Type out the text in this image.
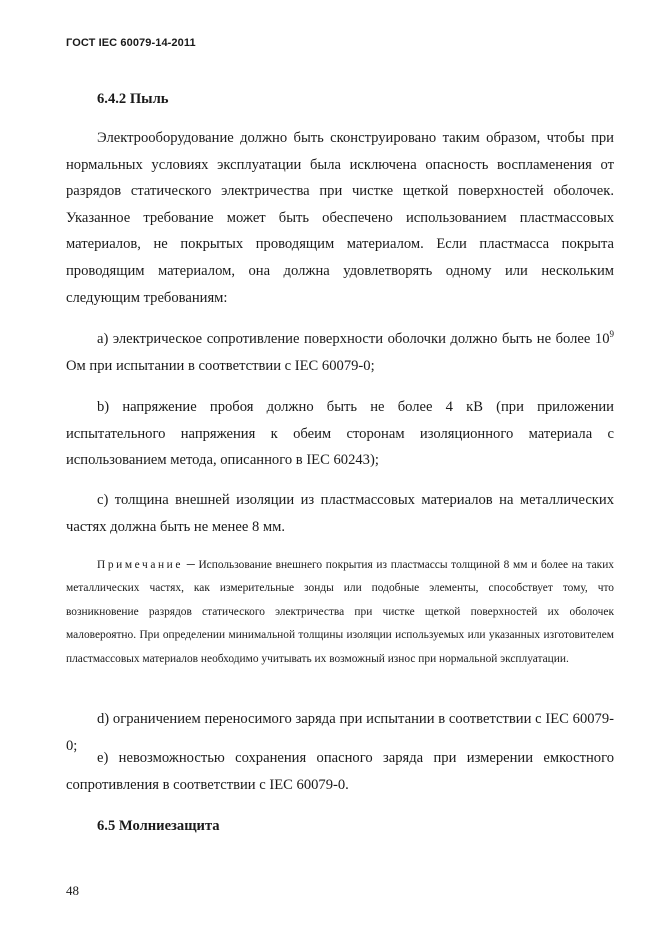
ГОСТ IEC 60079-14-2011
6.4.2 Пыль

Электрооборудование должно быть сконструировано таким образом, чтобы при нормальных условиях эксплуатации была исключена опасность воспламенения от разрядов статического электричества при чистке щеткой поверхностей оболочек. Указанное требование может быть обеспечено использованием пластмассовых материалов, не покрытых проводящим материалом. Если пластмасса покрыта проводящим материалом, она должна удовлетворять одному или нескольким следующим требованиям:

а) электрическое сопротивление поверхности оболочки должно быть не более $10^9$ Ом при испытании в соответствии с IEC 60079-0;

b) напряжение пробоя должно быть не более 4 кВ (при приложении испытательного напряжения к обеим сторонам изоляционного материала с использованием метода, описанного в IEC 60243);

с) толщина внешней изоляции из пластмассовых материалов на металлических частях должна быть не менее 8 мм.

Примечание ─ Использование внешнего покрытия из пластмассы толщиной 8 мм и более на таких металлических частях, как измерительные зонды или подобные элементы, способствует тому, что возникновение разрядов статического электричества при чистке щеткой поверхностей их оболочек маловероятно. При определении минимальной толщины изоляции используемых или указанных изготовителем пластмассовых материалов необходимо учитывать их возможный износ при нормальной эксплуатации.

d) ограничением переносимого заряда при испытании в соответствии с IEC 60079-0;

е) невозможностью сохранения опасного заряда при измерении емкостного сопротивления в соответствии с IEC 60079-0.

6.5 Молниезащита
48
